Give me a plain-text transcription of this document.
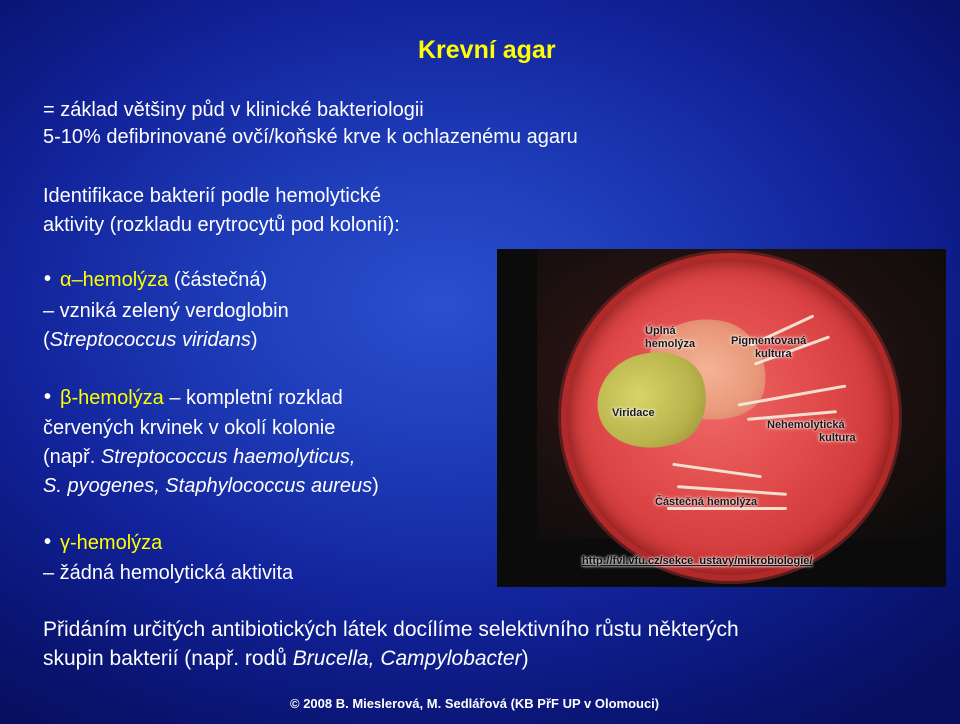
Krevní agar
= základ většiny půd v klinické bakteriologii
5-10% defibrinované ovčí/koňské krve k ochlazenému agaru
Identifikace bakterií podle hemolytické
aktivity (rozkladu erytrocytů pod kolonií):
• α–hemolýza (částečná)
– vzniká zelený verdoglobin
(Streptococcus viridans)
• β-hemolýza – kompletní rozklad
červených krvinek v okolí kolonie
(např. Streptococcus haemolyticus,
S. pyogenes, Staphylococcus aureus)
• γ-hemolýza
– žádná hemolytická aktivita
Úplná
hemolýza	Pigmentovaná
kultura
Viridace
Nehemolytická
kultura
Částečná hemolýza
http://fvl.vfu.cz/sekce_ustavy/mikrobiologie/
Přidáním určitých antibiotických látek docílíme selektivního růstu některých
skupin bakterií (např. rodů Brucella, Campylobacter)
© 2008 B. Mieslerová, M. Sedlářová (KB PřF UP v Olomouci)
